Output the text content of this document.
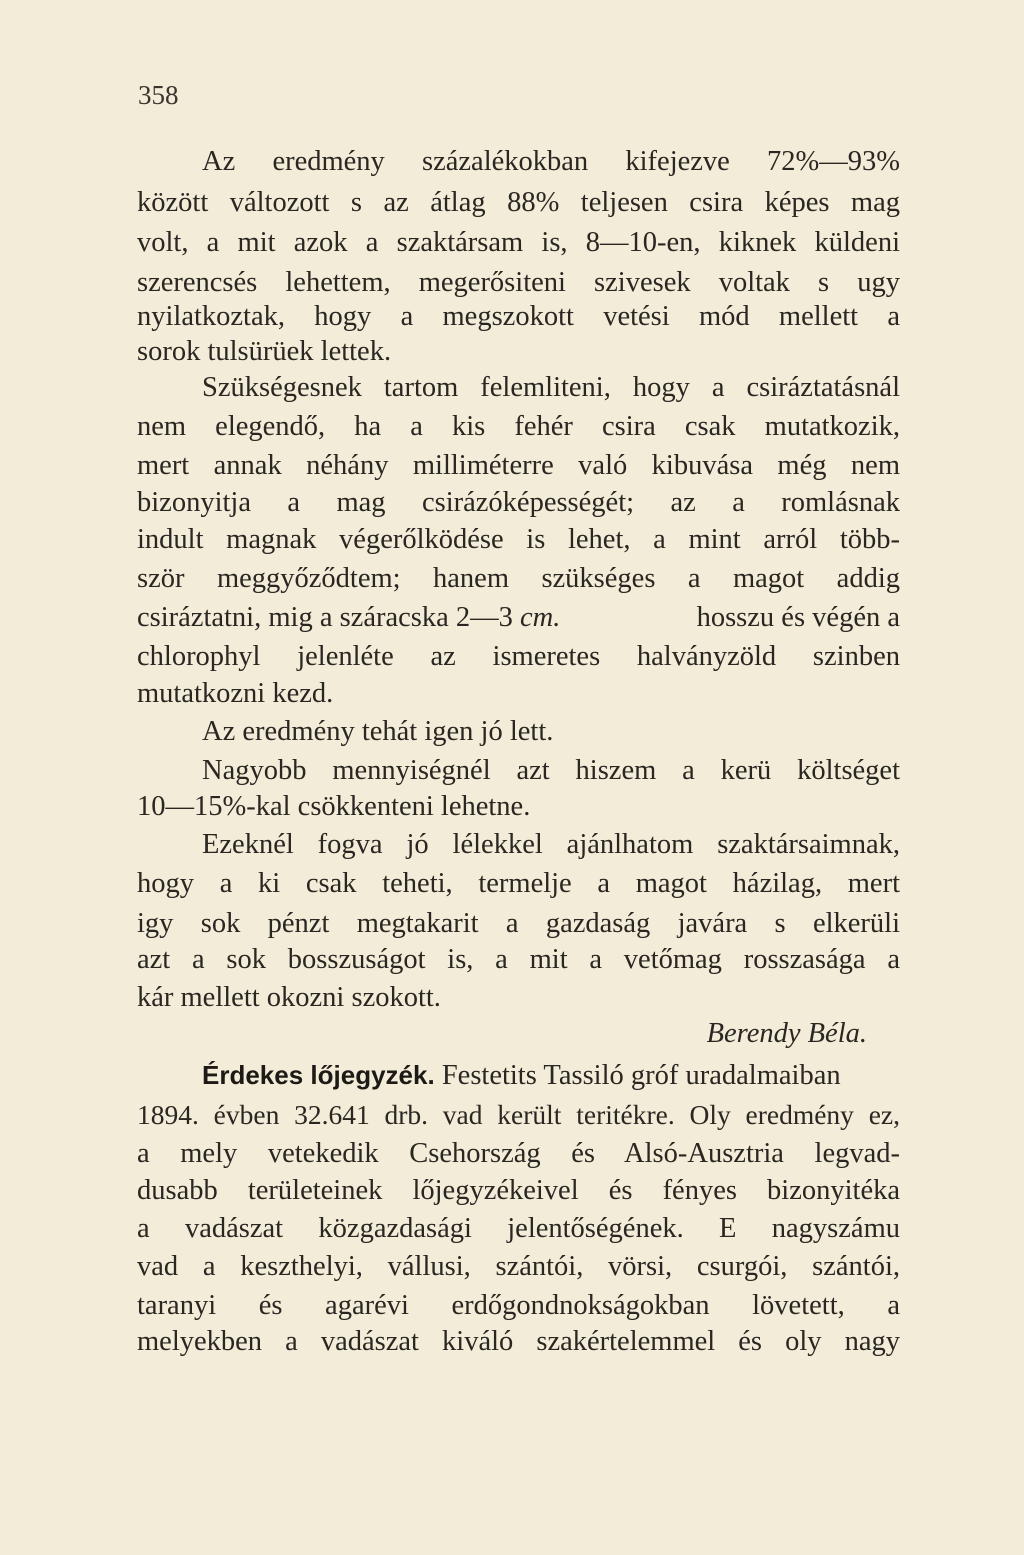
358
Az eredmény százalékokban kifejezve 72%—93%
között változott s az átlag 88% teljesen csira képes mag
volt, a mit azok a szaktársam is, 8—10-en, kiknek küldeni
szerencsés lehettem, megerősiteni szivesek voltak s ugy
nyilatkoztak, hogy a megszokott vetési mód mellett a
sorok tulsürüek lettek.
Szükségesnek tartom felemliteni, hogy a csiráztatásnál
nem elegendő, ha a kis fehér csira csak mutatkozik,
mert annak néhány milliméterre való kibuvása még nem
bizonyitja a mag csirázóképességét; az a romlásnak
indult magnak végerőlködése is lehet, a mint arról több-
ször meggyőződtem; hanem szükséges a magot addig
csiráztatni, mig a száracska 2—3 cm.	hosszu és végén a
chlorophyl jelenléte az ismeretes halványzöld szinben
mutatkozni kezd.
Az eredmény tehát igen jó lett.
Nagyobb mennyiségnél azt hiszem a kerü költséget
10—15%-kal csökkenteni lehetne.
Ezeknél fogva jó lélekkel ajánlhatom szaktársaimnak,
hogy a ki csak teheti, termelje a magot házilag, mert
igy sok pénzt megtakarit a gazdaság javára s elkerüli
azt a sok bosszuságot is, a mit a vetőmag rosszasága a
kár mellett okozni szokott.
Berendy Béla.
Érdekes lőjegyzék. Festetits Tassiló gróf uradalmaiban
1894. évben 32.641 drb. vad került teritékre. Oly eredmény ez,
a mely vetekedik Csehország és Alsó-Ausztria legvad-
dusabb területeinek lőjegyzékeivel és fényes bizonyitéka
a vadászat közgazdasági jelentőségének. E nagyszámu
vad a keszthelyi, vállusi, szántói, vörsi, csurgói, szántói,
taranyi és agarévi erdőgondnokságokban lövetett, a
melyekben a vadászat kiváló szakértelemmel és oly nagy
